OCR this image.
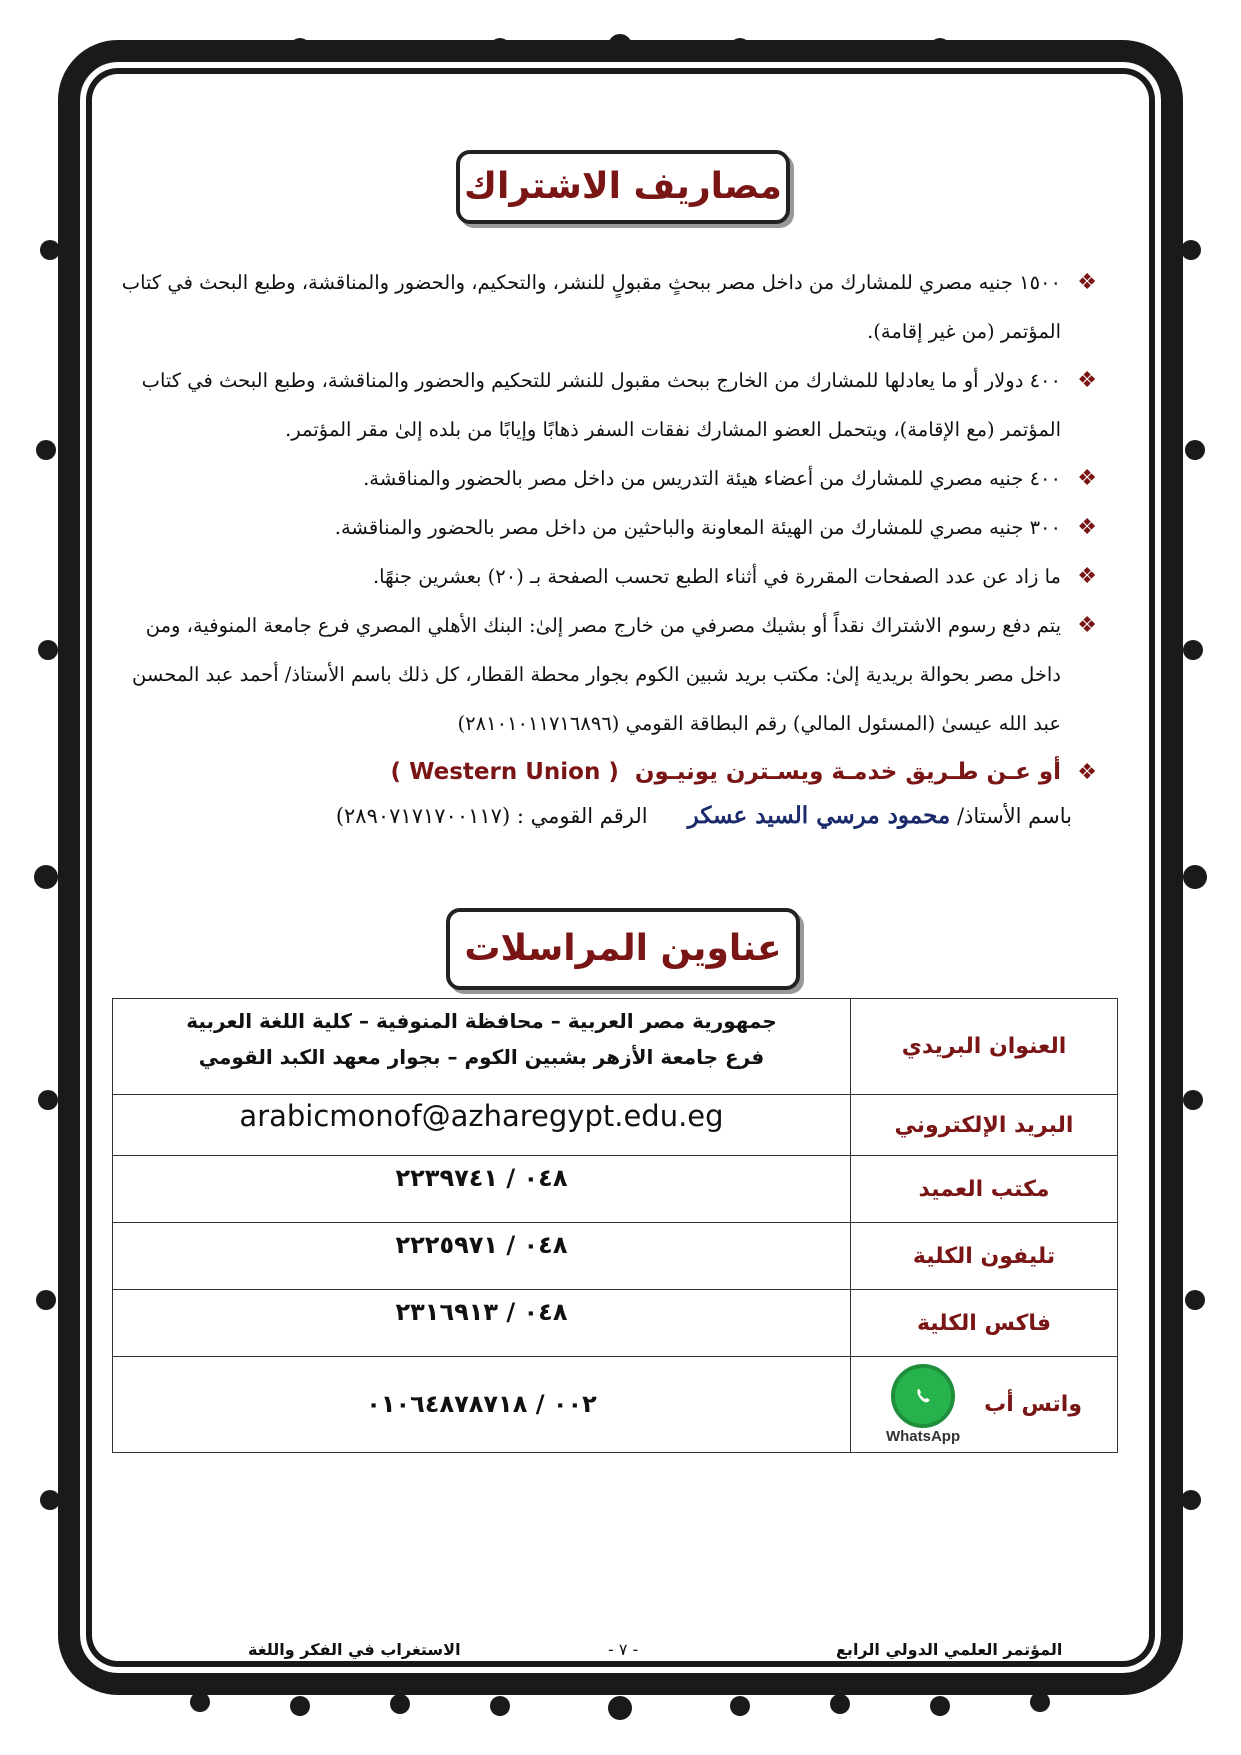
مصاريف الاشتراك
❖
١٥٠٠ جنيه مصري للمشارك من داخل مصر ببحثٍ مقبولٍ للنشر، والتحكيم، والحضور والمناقشة، وطبع البحث في كتاب المؤتمر (من غير إقامة).
❖
٤٠٠ دولار أو ما يعادلها للمشارك من الخارج ببحث مقبول للنشر للتحكيم والحضور والمناقشة، وطبع البحث في كتاب المؤتمر (مع الإقامة)، ويتحمل العضو المشارك نفقات السفر ذهابًا وإيابًا من بلده إلىٰ مقر المؤتمر.
❖
٤٠٠ جنيه مصري للمشارك من أعضاء هيئة التدريس من داخل مصر بالحضور والمناقشة.
❖
٣٠٠ جنيه مصري للمشارك من الهيئة المعاونة والباحثين من داخل مصر بالحضور والمناقشة.
❖
ما زاد عن عدد الصفحات المقررة في أثناء الطبع تحسب الصفحة بـ (٢٠) بعشرين جنهًا.
❖
يتم دفع رسوم الاشتراك نقداً أو بشيك مصرفي من خارج مصر إلىٰ: البنك الأهلي المصري فرع جامعة المنوفية، ومن داخل مصر بحوالة بريدية إلىٰ: مكتب بريد شبين الكوم بجوار محطة القطار، كل ذلك باسم الأستاذ/ أحمد عبد المحسن عبد الله عيسىٰ (المسئول المالي) رقم البطاقة القومي (٢٨١٠١٠١١٧١٦٨٩٦)
❖
أو عـن طـريق خدمـة ويسـترن يونيـون  ( Western Union )
باسم الأستاذ/ محمود مرسي السيد عسكر      الرقم القومي : (٢٨٩٠٧١٧١٧٠٠١١٧)
عناوين المراسلات
العنوان البريدي	جمهورية مصر العربية – محافظة المنوفية – كلية اللغة العربية
فرع جامعة الأزهر بشبين الكوم – بجوار معهد الكبد القومي

البريد الإلكتروني	arabicmonof@azharegypt.edu.eg
مكتب العميد	٠٤٨ / ٢٢٣٩٧٤١
تليفون الكلية	٠٤٨ / ٢٢٢٥٩٧١
فاكس الكلية	٠٤٨ / ٢٣١٦٩١٣

واتس أب
WhatsApp	٠٠٢ / ٠١٠٦٤٨٧٨٧١٨
المؤتمر العلمي الدولي الرابع
- ٧ -
الاستغراب في الفكر واللغة
